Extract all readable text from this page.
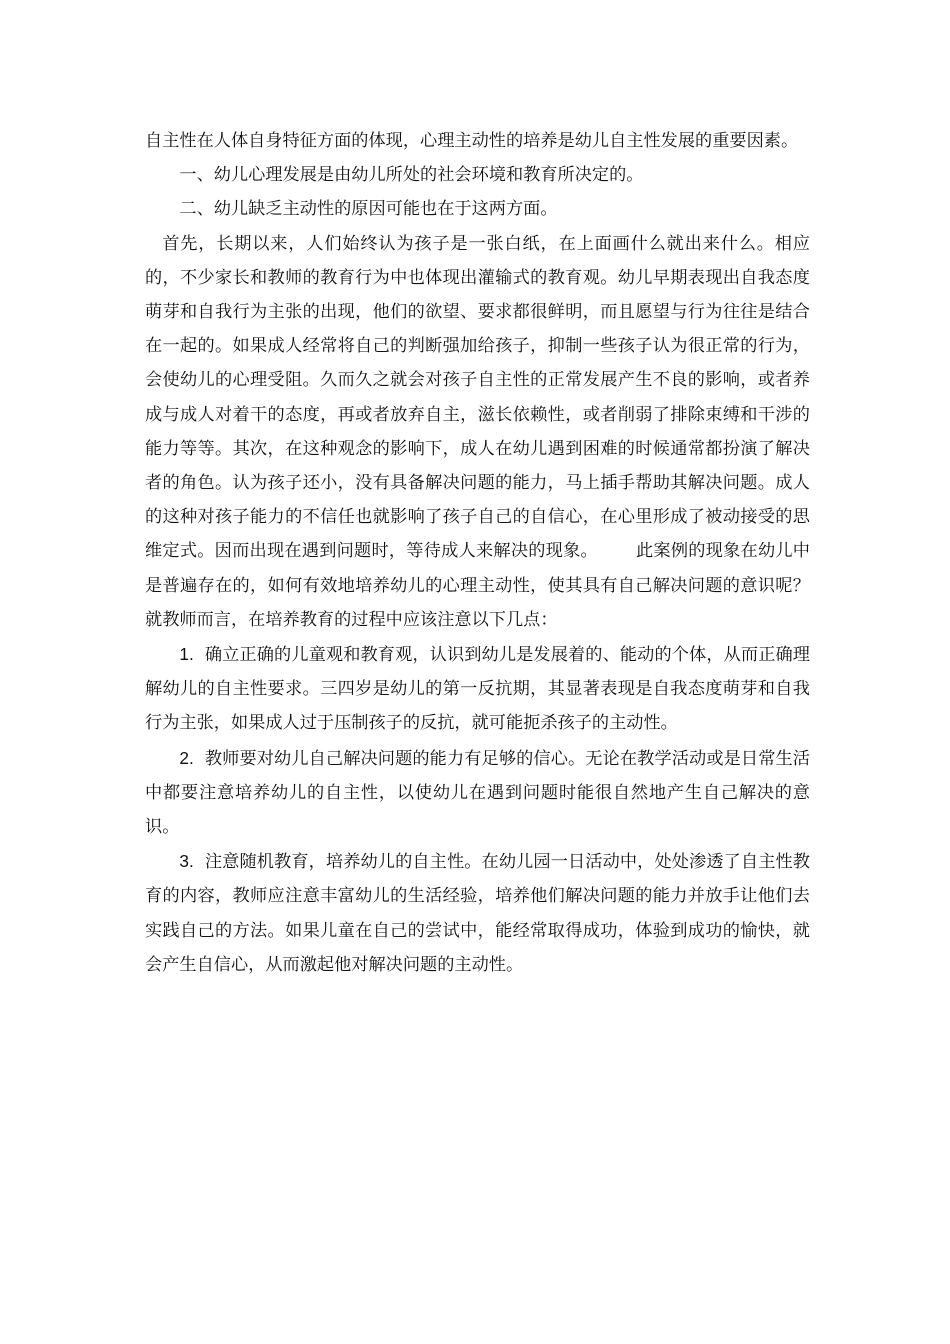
自主性在人体自身特征方面的体现，心理主动性的培养是幼儿自主性发展的重要因素。

一、幼儿心理发展是由幼儿所处的社会环境和教育所决定的。

二、幼儿缺乏主动性的原因可能也在于这两方面。

首先，长期以来，人们始终认为孩子是一张白纸，在上面画什么就出来什么。相应的，不少家长和教师的教育行为中也体现出灌输式的教育观。幼儿早期表现出自我态度萌芽和自我行为主张的出现，他们的欲望、要求都很鲜明，而且愿望与行为往往是结合在一起的。如果成人经常将自己的判断强加给孩子，抑制一些孩子认为很正常的行为，会使幼儿的心理受阻。久而久之就会对孩子自主性的正常发展产生不良的影响，或者养成与成人对着干的态度，再或者放弃自主，滋长依赖性，或者削弱了排除束缚和干涉的能力等等。其次，在这种观念的影响下，成人在幼儿遇到困难的时候通常都扮演了解决者的角色。认为孩子还小，没有具备解决问题的能力，马上插手帮助其解决问题。成人的这种对孩子能力的不信任也就影响了孩子自己的自信心，在心里形成了被动接受的思维定式。因而出现在遇到问题时，等待成人来解决的现象。 此案例的现象在幼儿中是普遍存在的，如何有效地培养幼儿的心理主动性，使其具有自己解决问题的意识呢？就教师而言，在培养教育的过程中应该注意以下几点：

1. 确立正确的儿童观和教育观，认识到幼儿是发展着的、能动的个体，从而正确理解幼儿的自主性要求。三四岁是幼儿的第一反抗期，其显著表现是自我态度萌芽和自我行为主张，如果成人过于压制孩子的反抗，就可能扼杀孩子的主动性。

2. 教师要对幼儿自己解决问题的能力有足够的信心。无论在教学活动或是日常生活中都要注意培养幼儿的自主性，以使幼儿在遇到问题时能很自然地产生自己解决的意识。

3. 注意随机教育，培养幼儿的自主性。在幼儿园一日活动中，处处渗透了自主性教育的内容，教师应注意丰富幼儿的生活经验，培养他们解决问题的能力并放手让他们去实践自己的方法。如果儿童在自己的尝试中，能经常取得成功，体验到成功的愉快，就会产生自信心，从而激起他对解决问题的主动性。
